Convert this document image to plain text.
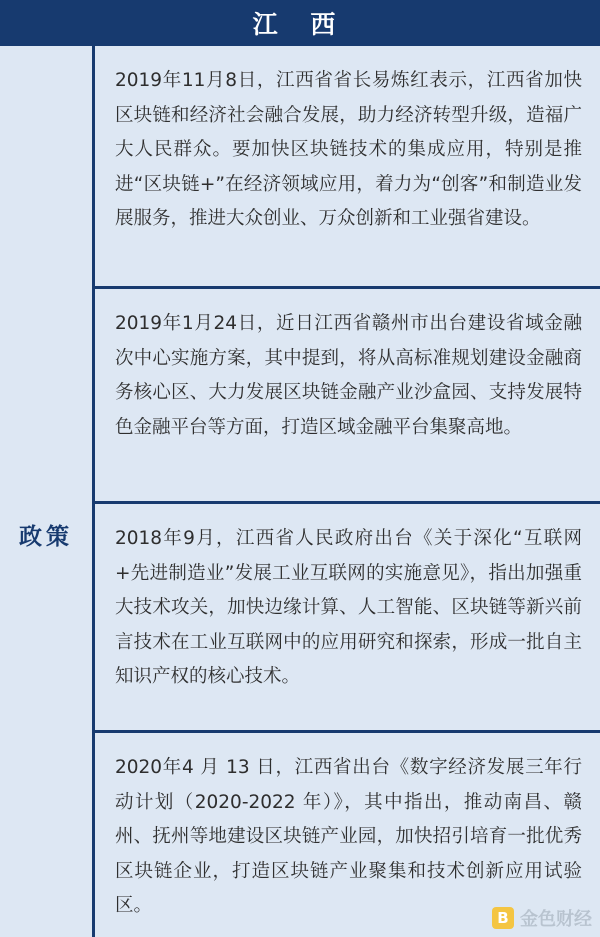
江 西
政策
2019年11月8日，江西省省长易炼红表示，江西省加快区块链和经济社会融合发展，助力经济转型升级，造福广大人民群众。要加快区块链技术的集成应用，特别是推进“区块链+”在经济领域应用，着力为“创客”和制造业发展服务，推进大众创业、万众创新和工业强省建设。
2019年1月24日，近日江西省赣州市出台建设省域金融次中心实施方案，其中提到，将从高标准规划建设金融商务核心区、大力发展区块链金融产业沙盒园、支持发展特色金融平台等方面，打造区域金融平台集聚高地。
2018年9月，江西省人民政府出台《关于深化“互联网+先进制造业”发展工业互联网的实施意见》，指出加强重大技术攻关，加快边缘计算、人工智能、区块链等新兴前言技术在工业互联网中的应用研究和探索，形成一批自主知识产权的核心技术。
2020年4 月 13 日，江西省出台《数字经济发展三年行动计划（2020-2022 年）》，其中指出，推动南昌、赣州、抚州等地建设区块链产业园，加快招引培育一批优秀区块链企业，打造区块链产业聚集和技术创新应用试验区。
B 金色财经
